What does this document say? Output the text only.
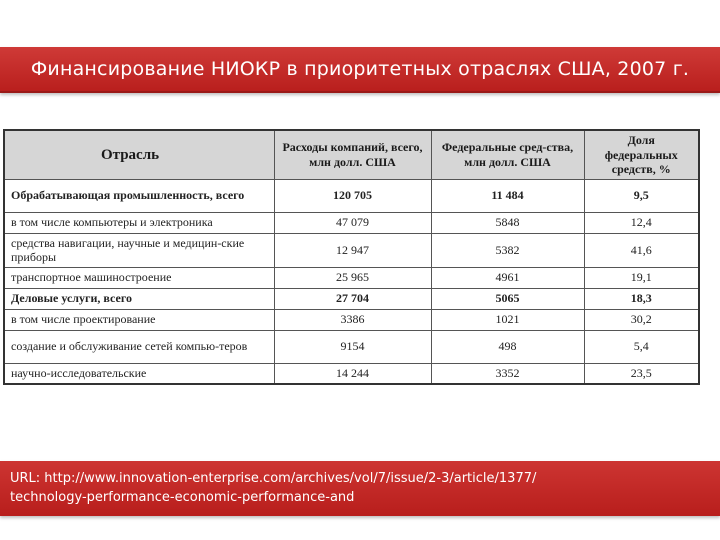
Финансирование НИОКР в приоритетных отраслях США, 2007 г.
Отрасль	Расходы компаний, всего, млн долл. США	Федеральные сред-ства, млн долл. США	Доля федеральных средств, %
Обрабатывающая промышленность, всего	120 705	11 484	9,5
в том числе компьютеры и электроника	47 079	5848	12,4
средства навигации, научные и медицин-ские приборы	12 947	5382	41,6
транспортное машиностроение	25 965	4961	19,1
Деловые услуги, всего	27 704	5065	18,3
в том числе проектирование	3386	1021	30,2
создание и обслуживание сетей компью-теров	9154	498	5,4
научно-исследовательские	14 244	3352	23,5
URL: http://www.innovation-enterprise.com/archives/vol/7/issue/2-3/article/1377/
technology-performance-economic-performance-and
